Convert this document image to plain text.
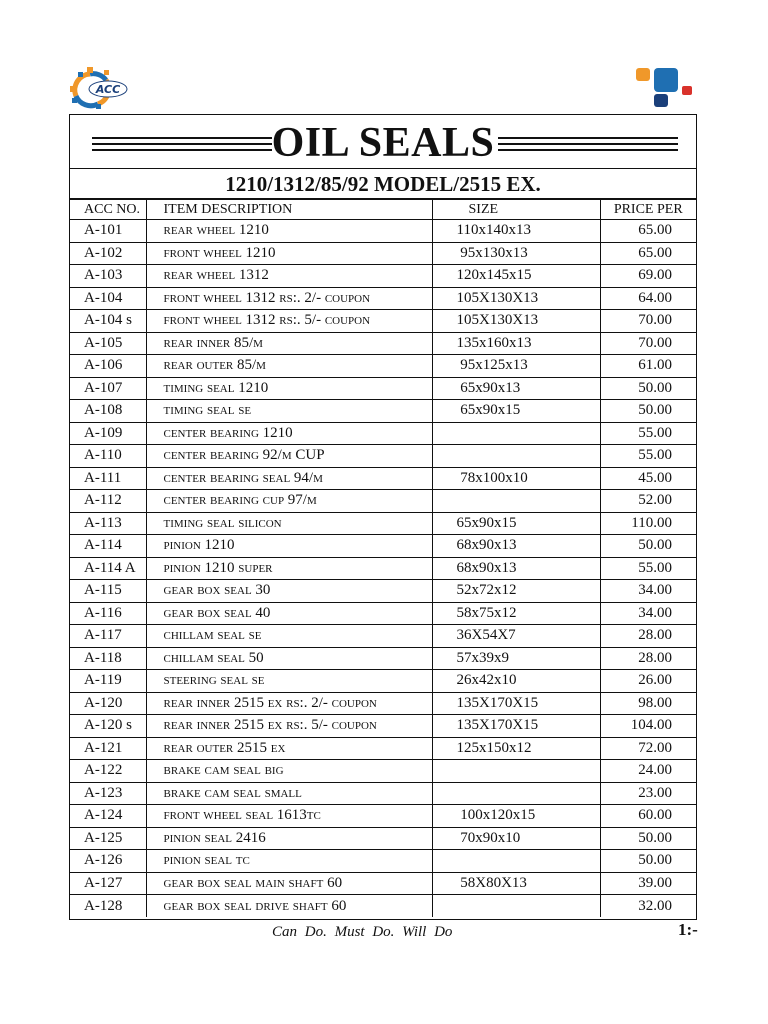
ACC
OIL SEALS
1210/1312/85/92 MODEL/2515 EX.
ACC NO.	ITEM DESCRIPTION	SIZE	PRICE PER
A-101	rear wheel 1210	110x140x13	65.00
A-102	front wheel 1210	95x130x13	65.00
A-103	rear wheel 1312	120x145x15	69.00
A-104	front wheel 1312 rs:. 2/- coupon	105X130X13	64.00
A-104 s	front wheel 1312 rs:. 5/- coupon	105X130X13	70.00
A-105	rear inner 85/m	135x160x13	70.00
A-106	rear outer 85/m	95x125x13	61.00
A-107	timing seal 1210	65x90x13	50.00
A-108	timing seal se	65x90x15	50.00
A-109	center bearing 1210		55.00
A-110	center bearing 92/m CUP		55.00
A-111	center bearing seal 94/m	78x100x10	45.00
A-112	center bearing cup 97/m		52.00
A-113	timing seal silicon	65x90x15	110.00
A-114	pinion 1210	68x90x13	50.00
A-114 A	pinion 1210 super	68x90x13	55.00
A-115	gear box seal 30	52x72x12	34.00
A-116	gear box seal 40	58x75x12	34.00
A-117	chillam seal se	36X54X7	28.00
A-118	chillam seal 50	57x39x9	28.00
A-119	steering seal se	26x42x10	26.00
A-120	rear inner 2515 ex rs:. 2/- coupon	135X170X15	98.00
A-120 s	rear inner 2515 ex rs:. 5/- coupon	135X170X15	104.00
A-121	rear outer 2515 ex	125x150x12	72.00
A-122	brake cam seal big		24.00
A-123	brake cam seal small		23.00
A-124	front wheel seal 1613tc	100x120x15	60.00
A-125	pinion seal 2416	70x90x10	50.00
A-126	pinion seal tc		50.00
A-127	gear box seal main shaft 60	58X80X13	39.00
A-128	gear box seal drive shaft 60		32.00
Can Do. Must Do. Will Do	1:-
